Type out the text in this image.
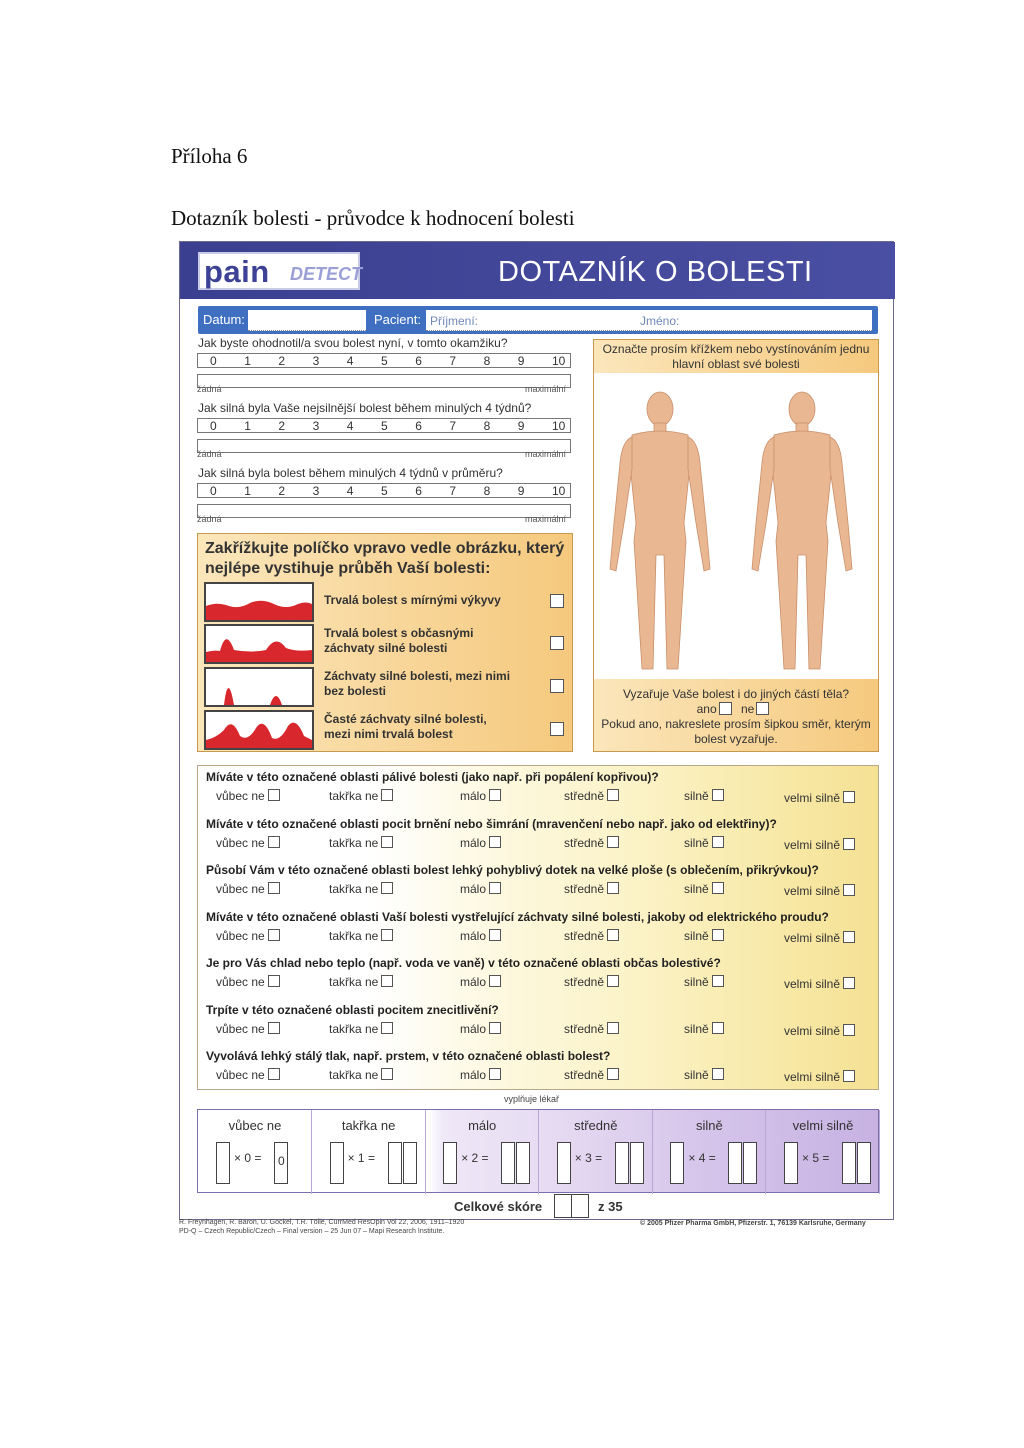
Příloha 6
Dotazník bolesti - průvodce k hodnocení bolesti
pain DETECT	DOTAZNÍK O BOLESTI
Datum:	Pacient: Příjmení:	Jméno:
Jak byste ohodnotil/a svou bolest nyní, v tomto okamžiku?
0 1 2 3 4 5 6 7 8 9 10
žádná	maximální
Jak silná byla Vaše nejsilnější bolest během minulých 4 týdnů?
0 1 2 3 4 5 6 7 8 9 10
žádná	maximální
Jak silná byla bolest během minulých 4 týdnů v průměru?
0 1 2 3 4 5 6 7 8 9 10
žádná	maximální
Zakřížkujte políčko vpravo vedle obrázku, který nejlépe vystihuje průběh Vaší bolesti:
Trvalá bolest s mírnými výkyvy
Trvalá bolest s občasnými záchvaty silné bolesti
Záchvaty silné bolesti, mezi nimi bez bolesti
Časté záchvaty silné bolesti, mezi nimi trvalá bolest
Označte prosím křížkem nebo vystínováním jednu hlavní oblast své bolesti
Vyzařuje Vaše bolest i do jiných částí těla?
ano ne
Pokud ano, nakreslete prosím šipkou směr, kterým bolest vyzařuje.
Míváte v této označené oblasti pálivé bolesti (jako např. při popálení kopřivou)?
vůbec ne	takřka ne	málo	středně	silně	velmi silně
Míváte v této označené oblasti pocit brnění nebo šimrání (mravenčení nebo např. jako od elektřiny)?
vůbec ne	takřka ne	málo	středně	silně	velmi silně
Působí Vám v této označené oblasti bolest lehký pohyblivý dotek na velké ploše (s oblečením, přikrývkou)?
vůbec ne	takřka ne	málo	středně	silně	velmi silně
Míváte v této označené oblasti Vaší bolesti vystřelující záchvaty silné bolesti, jakoby od elektrického proudu?
vůbec ne	takřka ne	málo	středně	silně	velmi silně
Je pro Vás chlad nebo teplo (např. voda ve vaně) v této označené oblasti občas bolestivé?
vůbec ne	takřka ne	málo	středně	silně	velmi silně
Trpíte v této označené oblasti pocitem znecitlivění?
vůbec ne	takřka ne	málo	středně	silně	velmi silně
Vyvolává lehký stálý tlak, např. prstem, v této označené oblasti bolest?
vůbec ne	takřka ne	málo	středně	silně	velmi silně
vyplňuje lékař
vůbec ne
× 0 = 0
takřka ne
× 1 =
málo
× 2 =
středně
× 3 =
silně
× 4 =
velmi silně
× 5 =
Celkové skóre	z 35
R. Freynhagen, R. Baron, U. Gockel, T.R. Tölle, CurrMed ResOpin Vol 22, 2006, 1911–1920
PD-Q – Czech Republic/Czech – Final version – 25 Jun 07 – Mapi Research Institute.
© 2005 Pfizer Pharma GmbH, Pfizerstr. 1, 76139 Karlsruhe, Germany
